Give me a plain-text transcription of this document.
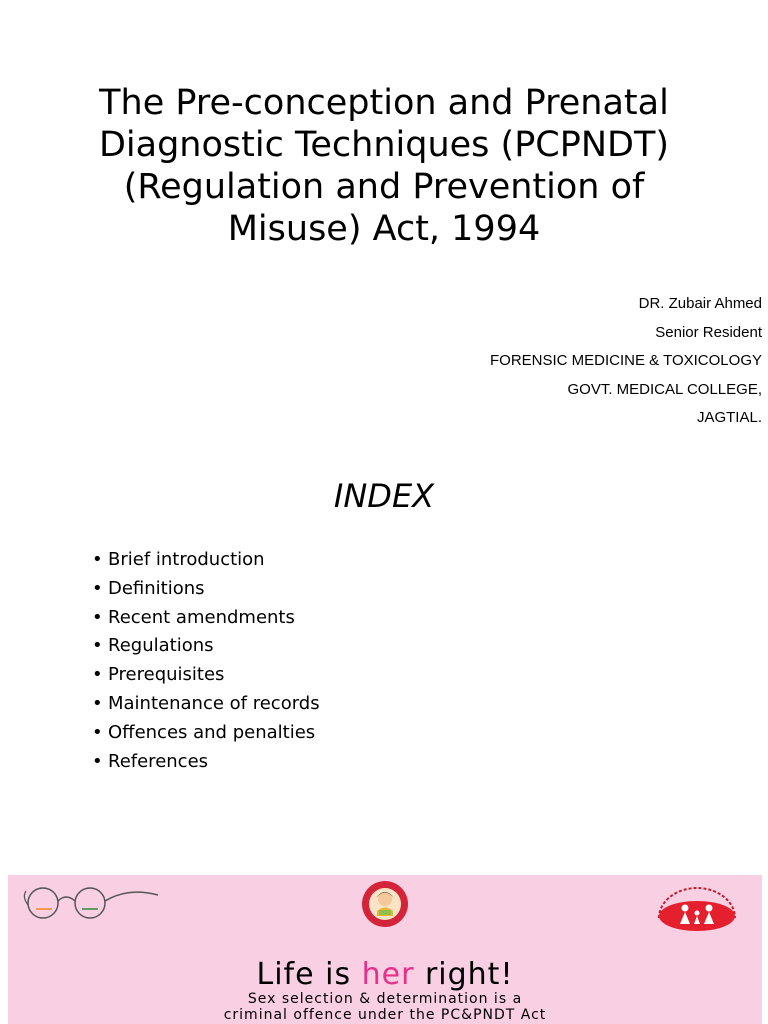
The Pre-conception and Prenatal
Diagnostic Techniques (PCPNDT)
(Regulation and Prevention of
Misuse) Act, 1994
DR. Zubair Ahmed
Senior Resident
FORENSIC MEDICINE & TOXICOLOGY
GOVT. MEDICAL COLLEGE,
JAGTIAL.
INDEX
• Brief introduction
• Definitions
• Recent amendments
• Regulations
• Prerequisites
• Maintenance of records
• Offences and penalties
• References
Life is her right!
Sex selection & determination is a
criminal offence under the PC&PNDT Act
